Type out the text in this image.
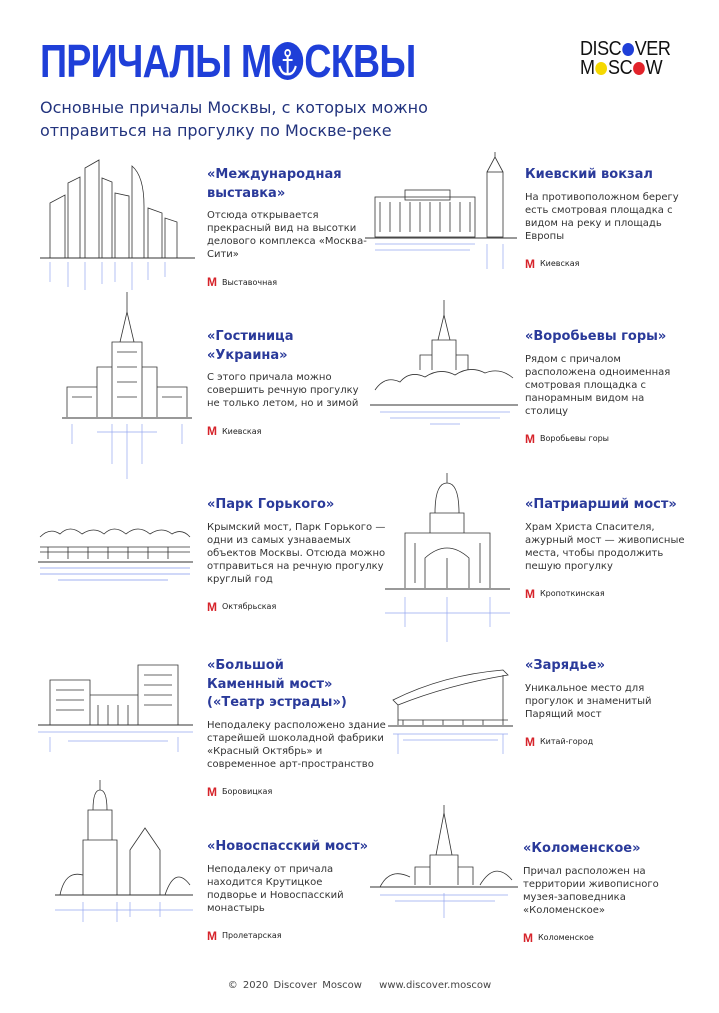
ПРИЧАЛЫ М СКВЫ	DISC VER
M SC W
Основные причалы Москвы, с которых можно отправиться на прогулку по Москве-реке
«Международная выставка»

Отсюда открывается прекрасный вид на высотки делового комплекса «Москва-Сити»

М Выставочная
Киевский вокзал

На противоположном берегу есть смотровая площадка с видом на реку и площадь Европы

М Киевская
«Гостиница «Украина»

С этого причала можно совершить речную прогулку не только летом, но и зимой

М Киевская
«Воробьевы горы»

Рядом с причалом расположена одноименная смотровая площадка с панорамным видом на столицу

М Воробьевы горы
«Парк Горького»

Крымский мост, Парк Горького — одни из самых узнаваемых объектов Москвы. Отсюда можно отправиться на речную прогулку круглый год

М Октябрьская
«Патриарший мост»

Храм Христа Спасителя, ажурный мост — живописные места, чтобы продолжить пешую прогулку

М Кропоткинская
«Большой Каменный мост» («Театр эстрады»)

Неподалеку расположено здание старейшей шоколадной фабрики «Красный Октябрь» и современное арт-пространство

М Боровицкая
«Зарядье»

Уникальное место для прогулок и знаменитый Парящий мост

М Китай-город
«Новоспасский мост»

Неподалеку от причала находится Крутицкое подворье и Новоспасский монастырь

М Пролетарская
«Коломенское»

Причал расположен на территории живописного музея-заповедника «Коломенское»

М Коломенское
© 2020 Discover Moscow www.discover.moscow
